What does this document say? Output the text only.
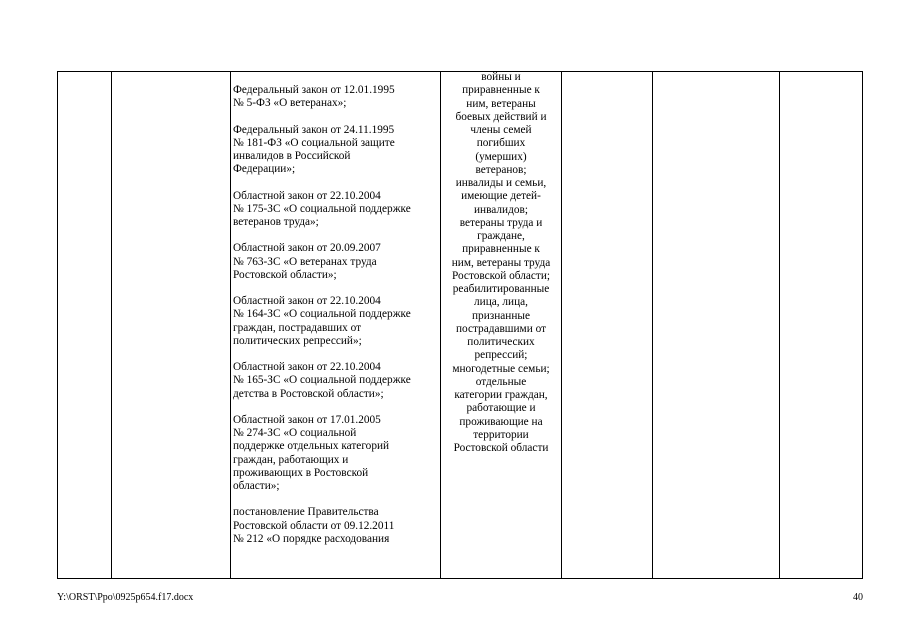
Федеральный закон от 12.01.1995
№ 5-ФЗ «О ветеранах»;

Федеральный закон от 24.11.1995
№ 181-ФЗ «О социальной защите
инвалидов в Российской
Федерации»;

Областной закон от 22.10.2004
№ 175-ЗС «О социальной поддержке
ветеранов труда»;

Областной закон от 20.09.2007
№ 763-ЗС «О ветеранах труда
Ростовской области»;

Областной закон от 22.10.2004
№ 164-ЗС «О социальной поддержке
граждан, пострадавших от
политических репрессий»;

Областной закон от 22.10.2004
№ 165-ЗС «О социальной поддержке
детства в Ростовской области»;

Областной закон от 17.01.2005
№ 274-ЗС «О социальной
поддержке отдельных категорий
граждан, работающих и
проживающих в Ростовской
области»;

постановление Правительства
Ростовской области от 09.12.2011
№ 212 «О порядке расходования

войны и
приравненные к
ним, ветераны
боевых действий и
члены семей
погибших
(умерших)
ветеранов;
инвалиды и семьи,
имеющие детей-
инвалидов;
ветераны труда и
граждане,
приравненные к
ним, ветераны труда
Ростовской области;
реабилитированные
лица, лица,
признанные
пострадавшими от
политических
репрессий;
многодетные семьи;
отдельные
категории граждан,
работающие и
проживающие на
территории
Ростовской области
Y:\ORST\Ppo\0925p654.f17.docx	40
